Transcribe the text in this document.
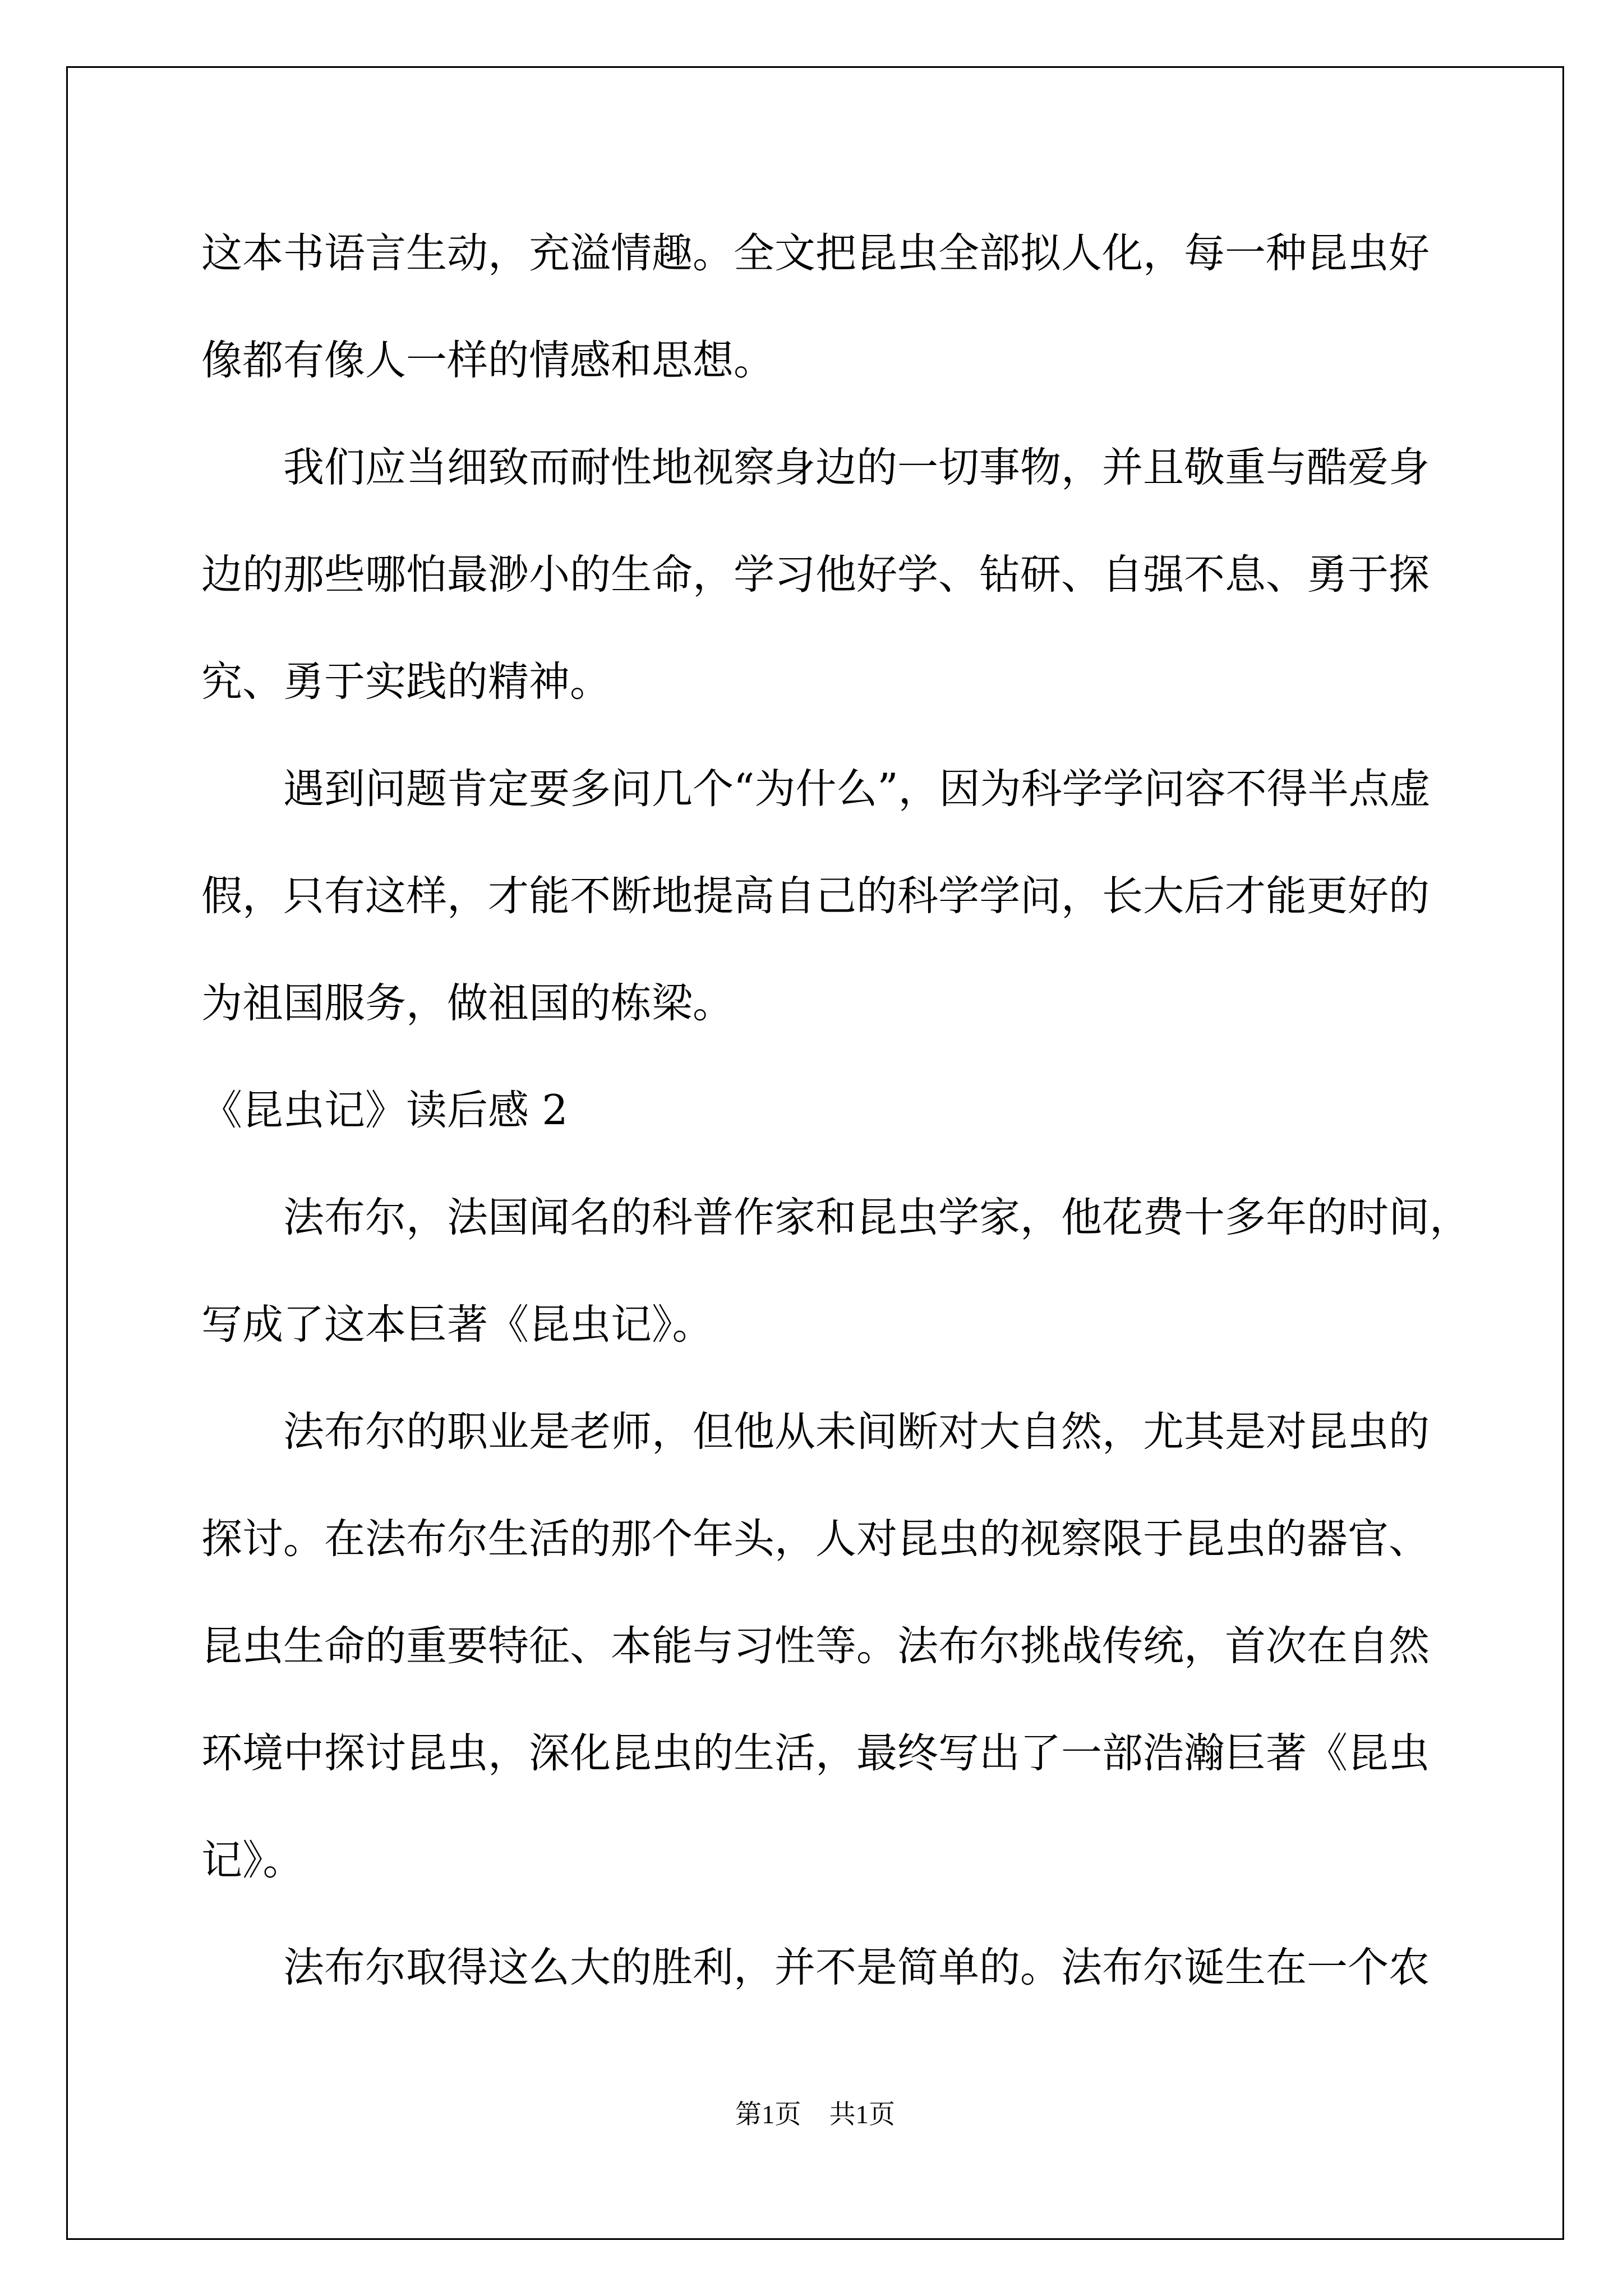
这本书语言生动，充溢情趣。全文把昆虫全部拟人化，每一种昆虫好
像都有像人一样的情感和思想。
我们应当细致而耐性地视察身边的一切事物，并且敬重与酷爱身
边的那些哪怕最渺小的生命，学习他好学、钻研、自强不息、勇于探
究、勇于实践的精神。
遇到问题肯定要多问几个“为什么”，因为科学学问容不得半点虚
假，只有这样，才能不断地提高自己的科学学问，长大后才能更好的
为祖国服务，做祖国的栋梁。
《昆虫记》读后感 2
法布尔，法国闻名的科普作家和昆虫学家，他花费十多年的时间，
写成了这本巨著《昆虫记》。
法布尔的职业是老师，但他从未间断对大自然，尤其是对昆虫的
探讨。在法布尔生活的那个年头，人对昆虫的视察限于昆虫的器官、
昆虫生命的重要特征、本能与习性等。法布尔挑战传统，首次在自然
环境中探讨昆虫，深化昆虫的生活，最终写出了一部浩瀚巨著《昆虫
记》。
法布尔取得这么大的胜利，并不是简单的。法布尔诞生在一个农
第1页 共1页
